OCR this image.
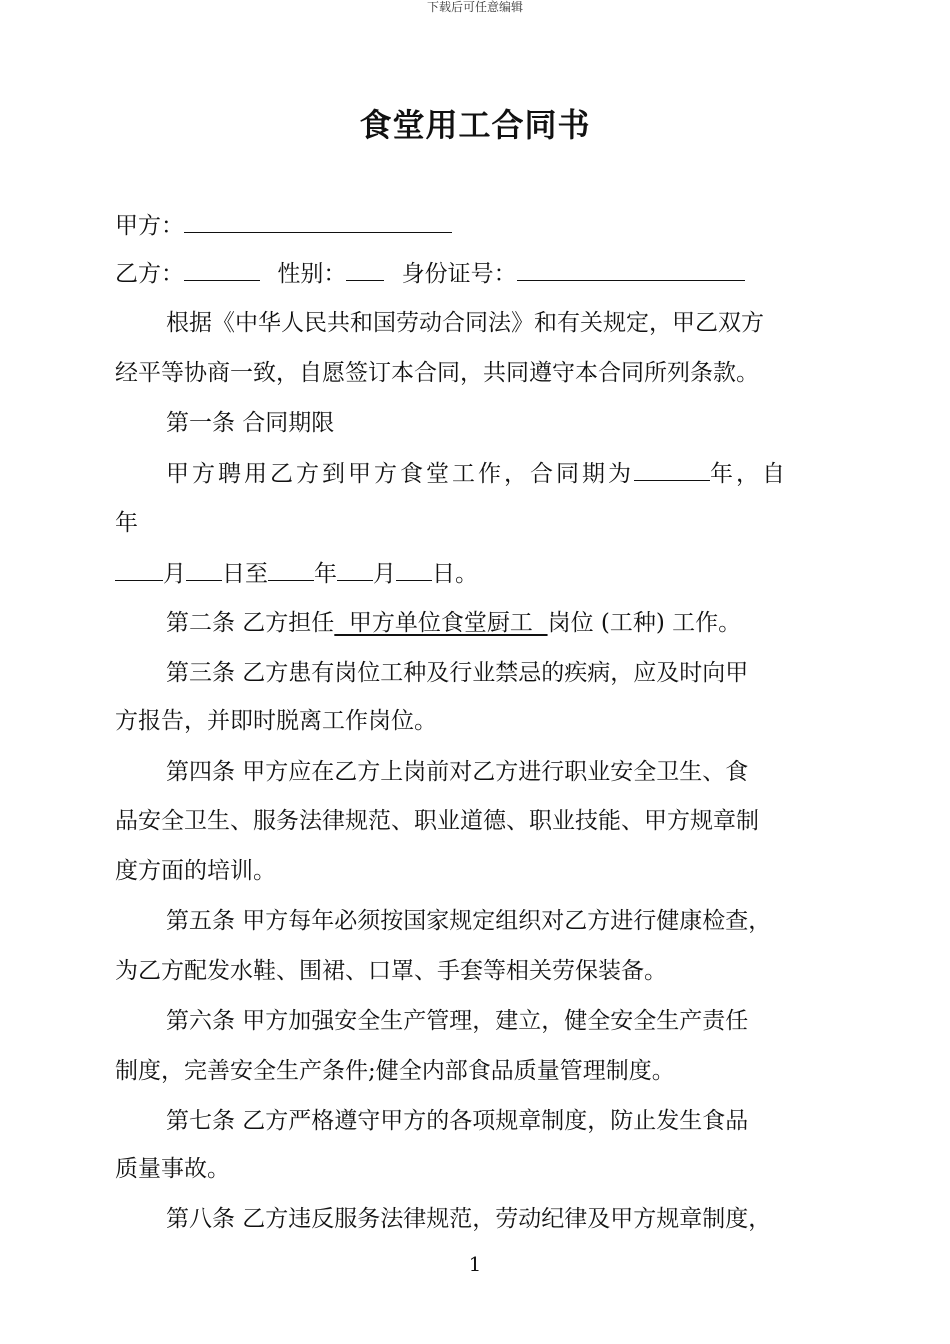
下载后可任意编辑
食堂用工合同书
甲方：
乙方：	性别： 身份证号：
根据《中华人民共和国劳动合同法》和有关规定，甲乙双方
经平等协商一致，自愿签订本合同，共同遵守本合同所列条款。
第一条 合同期限
甲方聘用乙方到甲方食堂工作，合同期为	年，自
年
月 日至 年 月 日。
第二条 乙方担任  甲方单位食堂厨工  岗位 (工种) 工作。
第三条 乙方患有岗位工种及行业禁忌的疾病，应及时向甲
方报告，并即时脱离工作岗位。
第四条 甲方应在乙方上岗前对乙方进行职业安全卫生、食
品安全卫生、服务法律规范、职业道德、职业技能、甲方规章制
度方面的培训。
第五条 甲方每年必须按国家规定组织对乙方进行健康检查，
为乙方配发水鞋、围裙、口罩、手套等相关劳保装备。
第六条 甲方加强安全生产管理，建立，健全安全生产责任
制度，完善安全生产条件;健全内部食品质量管理制度。
第七条 乙方严格遵守甲方的各项规章制度，防止发生食品
质量事故。
第八条 乙方违反服务法律规范，劳动纪律及甲方规章制度，
1
